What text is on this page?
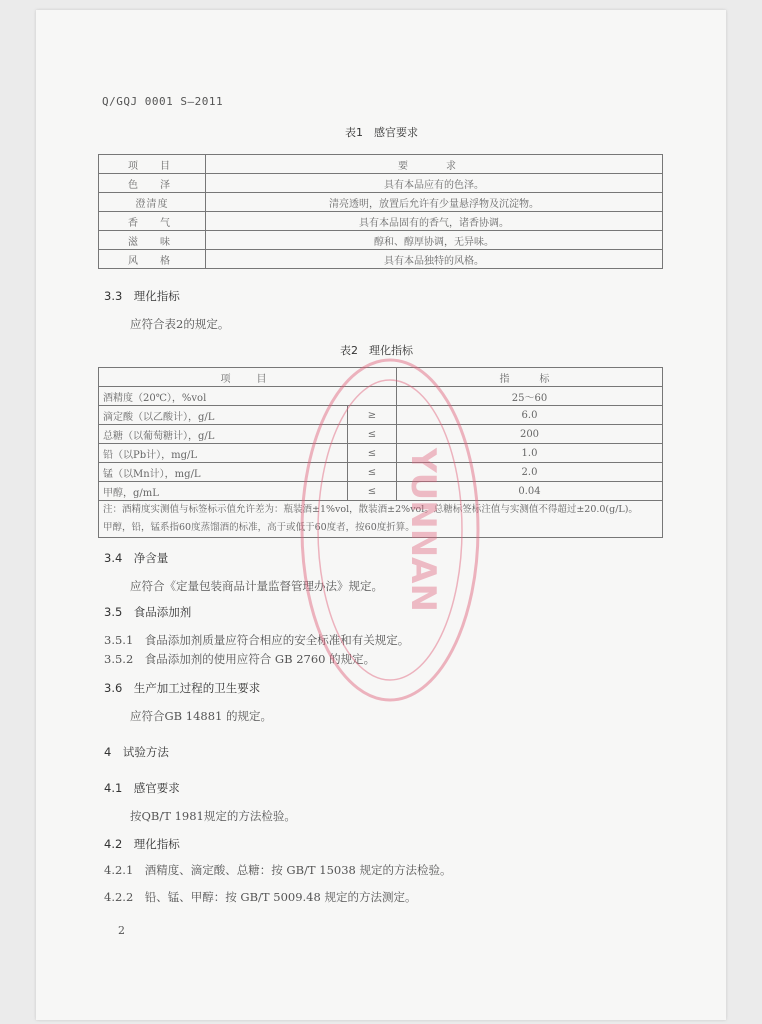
Q/GQJ 0001 S—2011
表1　感官要求
项　目	要　求
色　泽	具有本品应有的色泽。
澄清度	清亮透明，放置后允许有少量悬浮物及沉淀物。
香　气	具有本品固有的香气，诸香协调。
滋　味	醇和、醇厚协调，无异味。
风　格	具有本品独特的风格。
3.3　理化指标
应符合表2的规定。
表2　理化指标
项　目		指　标
酒精度（20℃），%vol		25～60
滴定酸（以乙酸计），g/L	≥	6.0
总糖（以葡萄糖计），g/L	≤	200
铅（以Pb计），mg/L	≤	1.0
锰（以Mn计），mg/L	≤	2.0
甲醇，g/mL	≤	0.04

注：酒精度实测值与标签标示值允许差为：瓶装酒±1%vol，散装酒±2%vol。总糖标签标注值与实测值不得超过±20.0(g/L)。
甲醇，铅，锰系指60度蒸馏酒的标准，高于或低于60度者，按60度折算。		
3.4　净含量
应符合《定量包装商品计量监督管理办法》规定。
3.5　食品添加剂
3.5.1　食品添加剂质量应符合相应的安全标准和有关规定。
3.5.2　食品添加剂的使用应符合 GB 2760 的规定。
3.6　生产加工过程的卫生要求
应符合GB 14881 的规定。
4　试验方法
4.1　感官要求
按QB/T 1981规定的方法检验。
4.2　理化指标
4.2.1　酒精度、滴定酸、总糖：按 GB/T 15038 规定的方法检验。
4.2.2　铅、锰、甲醇：按 GB/T 5009.48 规定的方法测定。
2
YUNNAN
